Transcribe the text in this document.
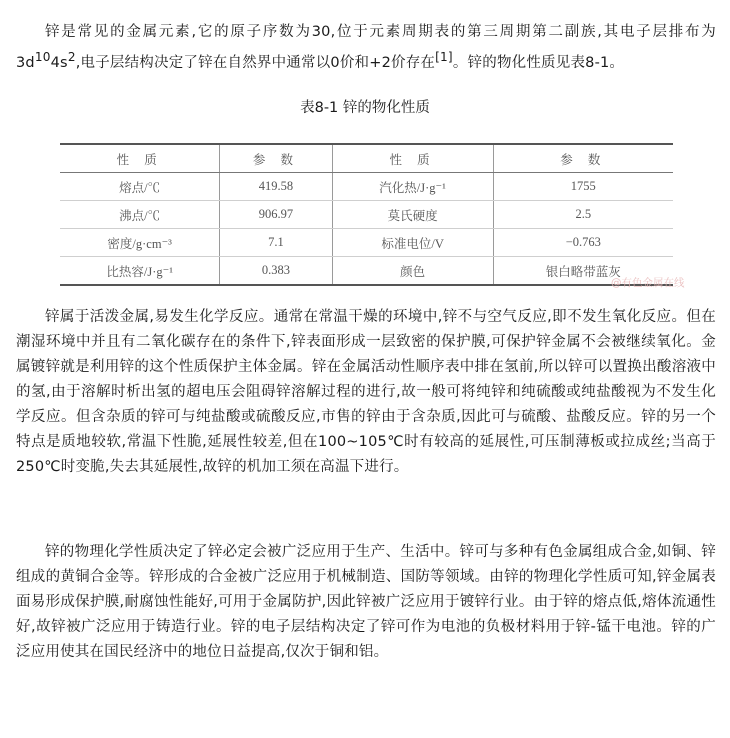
锌是常见的金属元素,它的原子序数为30,位于元素周期表的第三周期第二副族,其电子层排布为$3d^{10}4s^2$,电子层结构决定了锌在自然界中通常以0价和+2价存在[1]。锌的物化性质见表8-1。

表8-1 锌的物化性质
性 质	参 数	性 质	参 数
熔点/℃	419.58	汽化热/J·g⁻¹	1755
沸点/℃	906.97	莫氏硬度	2.5
密度/g·cm⁻³	7.1	标准电位/V	−0.763
比热容/J·g⁻¹	0.383	颜色	银白略带蓝灰
@有色金属在线

锌属于活泼金属,易发生化学反应。通常在常温干燥的环境中,锌不与空气反应,即不发生氧化反应。但在潮湿环境中并且有二氧化碳存在的条件下,锌表面形成一层致密的保护膜,可保护锌金属不会被继续氧化。金属镀锌就是利用锌的这个性质保护主体金属。锌在金属活动性顺序表中排在氢前,所以锌可以置换出酸溶液中的氢,由于溶解时析出氢的超电压会阻碍锌溶解过程的进行,故一般可将纯锌和纯硫酸或纯盐酸视为不发生化学反应。但含杂质的锌可与纯盐酸或硫酸反应,市售的锌由于含杂质,因此可与硫酸、盐酸反应。锌的另一个特点是质地较软,常温下性脆,延展性较差,但在100~105℃时有较高的延展性,可压制薄板或拉成丝;当高于250℃时变脆,失去其延展性,故锌的机加工须在高温下进行。

锌的物理化学性质决定了锌必定会被广泛应用于生产、生活中。锌可与多种有色金属组成合金,如铜、锌组成的黄铜合金等。锌形成的合金被广泛应用于机械制造、国防等领域。由锌的物理化学性质可知,锌金属表面易形成保护膜,耐腐蚀性能好,可用于金属防护,因此锌被广泛应用于镀锌行业。由于锌的熔点低,熔体流通性好,故锌被广泛应用于铸造行业。锌的电子层结构决定了锌可作为电池的负极材料用于锌-锰干电池。锌的广泛应用使其在国民经济中的地位日益提高,仅次于铜和铝。
